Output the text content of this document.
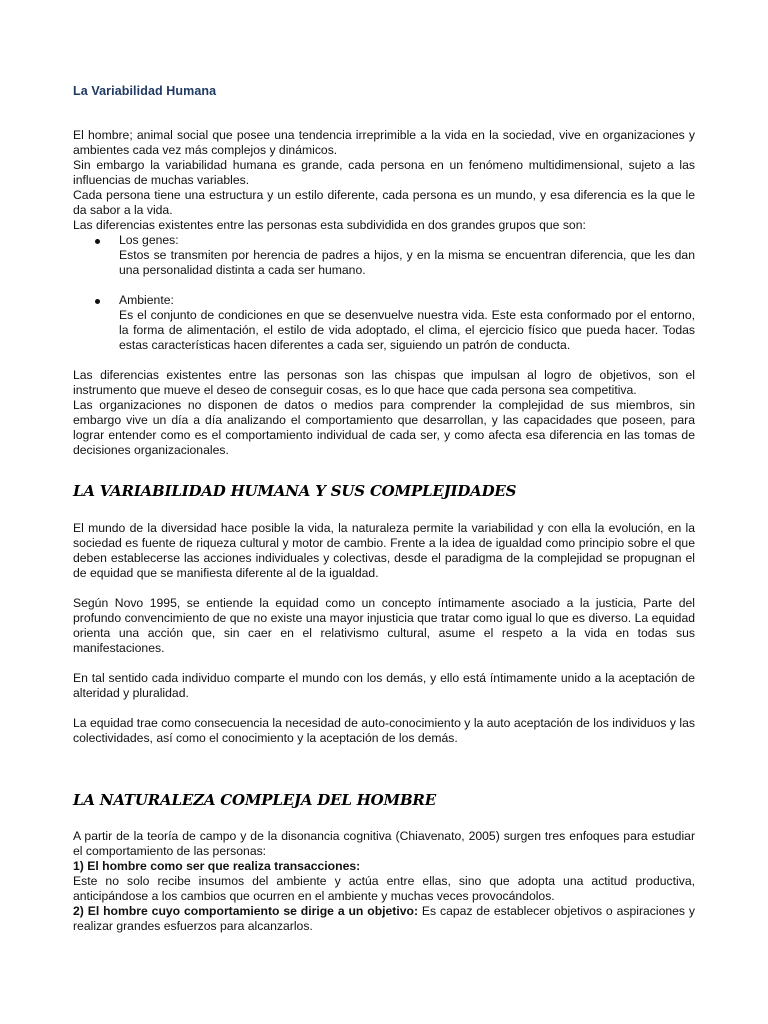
La Variabilidad Humana

El hombre; animal social que posee una tendencia irreprimible a la vida en la sociedad, vive en organizaciones y ambientes cada vez más complejos y dinámicos.

Sin embargo la variabilidad humana es grande, cada persona en un fenómeno multidimensional, sujeto a las influencias de muchas variables.

Cada persona tiene una estructura y un estilo diferente, cada persona es un mundo, y esa diferencia es la que le da sabor a la vida.

Las diferencias existentes entre las personas esta subdividida en dos grandes grupos que son:

Los genes:
Estos se transmiten por herencia de padres a hijos, y en la misma se encuentran diferencia, que les dan una personalidad distinta a cada ser humano.
Ambiente:
Es el conjunto de condiciones en que se desenvuelve nuestra vida. Este esta conformado por el entorno, la forma de alimentación, el estilo de vida adoptado, el clima, el ejercicio físico que pueda hacer. Todas estas características hacen diferentes a cada ser, siguiendo un patrón de conducta.

Las diferencias existentes entre las personas son las chispas que impulsan al logro de objetivos, son el instrumento que mueve el deseo de conseguir cosas, es lo que hace que cada persona sea competitiva.

Las organizaciones no disponen de datos o medios para comprender la complejidad de sus miembros, sin embargo vive un día a día analizando el comportamiento que desarrollan, y las capacidades que poseen, para lograr entender como es el comportamiento individual de cada ser, y como afecta esa diferencia en las tomas de decisiones organizacionales.

LA VARIABILIDAD HUMANA Y SUS COMPLEJIDADES

El mundo de la diversidad hace posible la vida, la naturaleza permite la variabilidad y con ella la evolución, en la sociedad es fuente de riqueza cultural y motor de cambio. Frente a la idea de igualdad como principio sobre el que deben establecerse las acciones individuales y colectivas, desde el paradigma de la complejidad se propugnan el de equidad que se manifiesta diferente al de la igualdad.

Según Novo 1995, se entiende la equidad como un concepto íntimamente asociado a la justicia, Parte del profundo convencimiento de que no existe una mayor injusticia que tratar como igual lo que es diverso. La equidad orienta una acción que, sin caer en el relativismo cultural, asume el respeto a la vida en todas sus manifestaciones.

En tal sentido cada individuo comparte el mundo con los demás, y ello está íntimamente unido a la aceptación de alteridad y pluralidad.

La equidad trae como consecuencia la necesidad de auto-conocimiento y la auto aceptación de los individuos y las colectividades, así como el conocimiento y la aceptación de los demás.

LA NATURALEZA COMPLEJA DEL HOMBRE

A partir de la teoría de campo y de la disonancia cognitiva (Chiavenato, 2005) surgen tres enfoques para estudiar el comportamiento de las personas:

1) El hombre como ser que realiza transacciones:

Este no solo recibe insumos del ambiente y actúa entre ellas, sino que adopta una actitud productiva, anticipándose a los cambios que ocurren en el ambiente y muchas veces provocándolos.

2) El hombre cuyo comportamiento se dirige a un objetivo: Es capaz de establecer objetivos o aspiraciones y realizar grandes esfuerzos para alcanzarlos.
